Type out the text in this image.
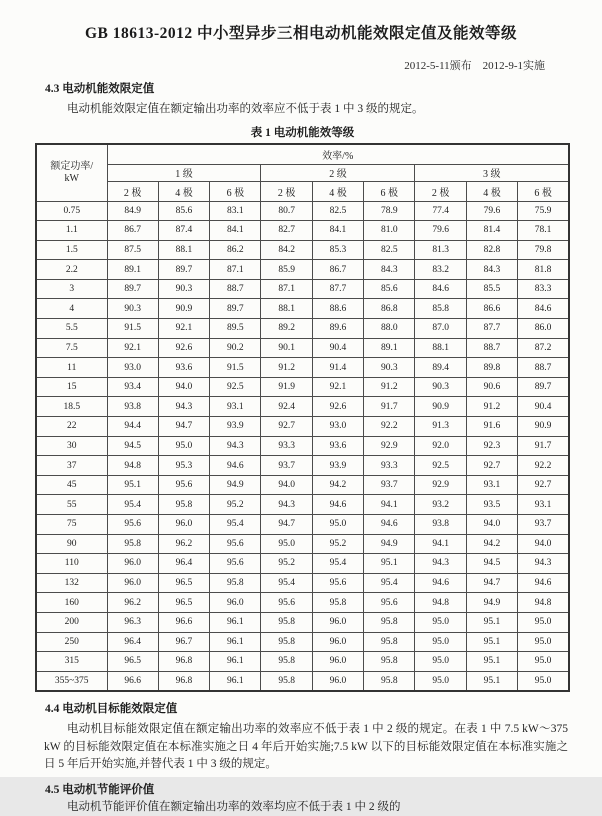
GB 18613-2012 中小型异步三相电动机能效限定值及能效等级
2012-5-11颁布　2012-9-1实施
4.3 电动机能效限定值
电动机能效限定值在额定输出功率的效率应不低于表 1 中 3 级的规定。
表 1 电动机能效等级
额定功率/
kW	效率/%								
	1 级			2 级			3 级		
	2 极	4 极	6 极	2 极	4 极	6 极	2 极	4 极	6 极
0.75	84.9	85.6	83.1	80.7	82.5	78.9	77.4	79.6	75.9
1.1	86.7	87.4	84.1	82.7	84.1	81.0	79.6	81.4	78.1
1.5	87.5	88.1	86.2	84.2	85.3	82.5	81.3	82.8	79.8
2.2	89.1	89.7	87.1	85.9	86.7	84.3	83.2	84.3	81.8
3	89.7	90.3	88.7	87.1	87.7	85.6	84.6	85.5	83.3
4	90.3	90.9	89.7	88.1	88.6	86.8	85.8	86.6	84.6
5.5	91.5	92.1	89.5	89.2	89.6	88.0	87.0	87.7	86.0
7.5	92.1	92.6	90.2	90.1	90.4	89.1	88.1	88.7	87.2
11	93.0	93.6	91.5	91.2	91.4	90.3	89.4	89.8	88.7
15	93.4	94.0	92.5	91.9	92.1	91.2	90.3	90.6	89.7
18.5	93.8	94.3	93.1	92.4	92.6	91.7	90.9	91.2	90.4
22	94.4	94.7	93.9	92.7	93.0	92.2	91.3	91.6	90.9
30	94.5	95.0	94.3	93.3	93.6	92.9	92.0	92.3	91.7
37	94.8	95.3	94.6	93.7	93.9	93.3	92.5	92.7	92.2
45	95.1	95.6	94.9	94.0	94.2	93.7	92.9	93.1	92.7
55	95.4	95.8	95.2	94.3	94.6	94.1	93.2	93.5	93.1
75	95.6	96.0	95.4	94.7	95.0	94.6	93.8	94.0	93.7
90	95.8	96.2	95.6	95.0	95.2	94.9	94.1	94.2	94.0
110	96.0	96.4	95.6	95.2	95.4	95.1	94.3	94.5	94.3
132	96.0	96.5	95.8	95.4	95.6	95.4	94.6	94.7	94.6
160	96.2	96.5	96.0	95.6	95.8	95.6	94.8	94.9	94.8
200	96.3	96.6	96.1	95.8	96.0	95.8	95.0	95.1	95.0
250	96.4	96.7	96.1	95.8	96.0	95.8	95.0	95.1	95.0
315	96.5	96.8	96.1	95.8	96.0	95.8	95.0	95.1	95.0
355~375	96.6	96.8	96.1	95.8	96.0	95.8	95.0	95.1	95.0
4.4 电动机目标能效限定值
电动机目标能效限定值在额定输出功率的效率应不低于表 1 中 2 级的规定。在表 1 中 7.5 kW～375 kW 的目标能效限定值在本标准实施之日 4 年后开始实施;7.5 kW 以下的目标能效限定值在本标准实施之日 5 年后开始实施,并替代表 1 中 3 级的规定。
4.5 电动机节能评价值
电动机节能评价值在额定输出功率的效率均应不低于表 1 中 2 级的
